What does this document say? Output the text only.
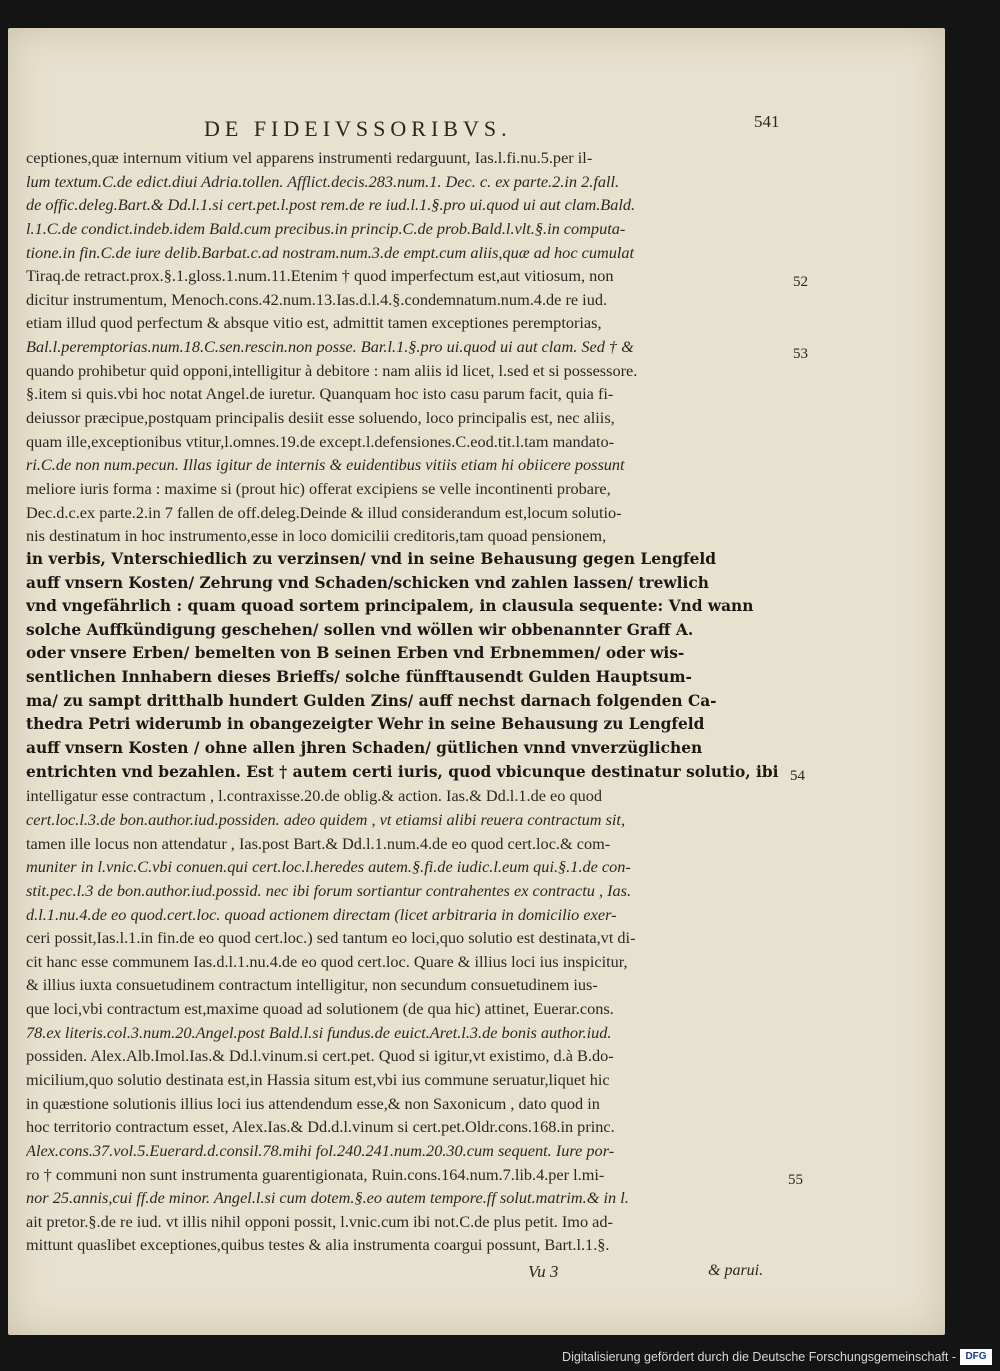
DE FIDEIVSSORIBVS.	541
ceptiones,quæ internum vitium vel apparens instrumenti redarguunt, Ias.l.fi.nu.5.per il-
lum textum.C.de edict.diui Adria.tollen. Afflict.decis.283.num.1. Dec. c. ex parte.2.in 2.fall.
de offic.deleg.Bart.& Dd.l.1.si cert.pet.l.post rem.de re iud.l.1.§.pro ui.quod ui aut clam.Bald.
l.1.C.de condict.indeb.idem Bald.cum precibus.in princip.C.de prob.Bald.l.vlt.§.in computa-
tione.in fin.C.de iure delib.Barbat.c.ad nostram.num.3.de empt.cum aliis,quæ ad hoc cumulat
Tiraq.de retract.prox.§.1.gloss.1.num.11.Etenim † quod imperfectum est,aut vitiosum, non
dicitur instrumentum, Menoch.cons.42.num.13.Ias.d.l.4.§.condemnatum.num.4.de re iud.
etiam illud quod perfectum & absque vitio est, admittit tamen exceptiones peremptorias,
Bal.l.peremptorias.num.18.C.sen.rescin.non posse. Bar.l.1.§.pro ui.quod ui aut clam. Sed † &
quando prohibetur quid opponi,intelligitur à debitore : nam aliis id licet, l.sed et si possessore.
§.item si quis.vbi hoc notat Angel.de iuretur. Quanquam hoc isto casu parum facit, quia fi-
deiussor præcipue,postquam principalis desiit esse soluendo, loco principalis est, nec aliis,
quam ille,exceptionibus vtitur,l.omnes.19.de except.l.defensiones.C.eod.tit.l.tam mandato-
ri.C.de non num.pecun. Illas igitur de internis & euidentibus vitiis etiam hi obiicere possunt
meliore iuris forma : maxime si (prout hic) offerat excipiens se velle incontinenti probare,
Dec.d.c.ex parte.2.in 7 fallen de off.deleg.Deinde & illud considerandum est,locum solutio-
nis destinatum in hoc instrumento,esse in loco domicilii creditoris,tam quoad pensionem,
in verbis, Vnterschiedlich zu verzinsen/ vnd in seine Behausung gegen Lengfeld
auff vnsern Kosten/ Zehrung vnd Schaden/schicken vnd zahlen lassen/ trewlich
vnd vngefährlich : quam quoad sortem principalem, in clausula sequente: Vnd wann
solche Auffkündigung geschehen/ sollen vnd wöllen wir obbenannter Graff A.
oder vnsere Erben/ bemelten von B seinen Erben vnd Erbnemmen/ oder wis-
sentlichen Innhabern dieses Brieffs/ solche fünfftausendt Gulden Hauptsum-
ma/ zu sampt dritthalb hundert Gulden Zins/ auff nechst darnach folgenden Ca-
thedra Petri widerumb in obangezeigter Wehr in seine Behausung zu Lengfeld
auff vnsern Kosten / ohne allen jhren Schaden/ gütlichen vnnd vnverzüglichen
entrichten vnd bezahlen. Est † autem certi iuris, quod vbicunque destinatur solutio, ibi
intelligatur esse contractum , l.contraxisse.20.de oblig.& action. Ias.& Dd.l.1.de eo quod
cert.loc.l.3.de bon.author.iud.possiden. adeo quidem , vt etiamsi alibi reuera contractum sit,
tamen ille locus non attendatur , Ias.post Bart.& Dd.l.1.num.4.de eo quod cert.loc.& com-
muniter in l.vnic.C.vbi conuen.qui cert.loc.l.heredes autem.§.fi.de iudic.l.eum qui.§.1.de con-
stit.pec.l.3 de bon.author.iud.possid. nec ibi forum sortiantur contrahentes ex contractu , Ias.
d.l.1.nu.4.de eo quod.cert.loc. quoad actionem directam (licet arbitraria in domicilio exer-
ceri possit,Ias.l.1.in fin.de eo quod cert.loc.) sed tantum eo loci,quo solutio est destinata,vt di-
cit hanc esse communem Ias.d.l.1.nu.4.de eo quod cert.loc. Quare & illius loci ius inspicitur,
& illius iuxta consuetudinem contractum intelligitur, non secundum consuetudinem ius-
que loci,vbi contractum est,maxime quoad ad solutionem (de qua hic) attinet, Euerar.cons.
78.ex literis.col.3.num.20.Angel.post Bald.l.si fundus.de euict.Aret.l.3.de bonis author.iud.
possiden. Alex.Alb.Imol.Ias.& Dd.l.vinum.si cert.pet. Quod si igitur,vt existimo, d.à B.do-
micilium,quo solutio destinata est,in Hassia situm est,vbi ius commune seruatur,liquet hic
in quæstione solutionis illius loci ius attendendum esse,& non Saxonicum , dato quod in
hoc territorio contractum esset, Alex.Ias.& Dd.d.l.vinum si cert.pet.Oldr.cons.168.in princ.
Alex.cons.37.vol.5.Euerard.d.consil.78.mihi fol.240.241.num.20.30.cum sequent. Iure por-
ro † communi non sunt instrumenta guarentigionata, Ruin.cons.164.num.7.lib.4.per l.mi-
nor 25.annis,cui ff.de minor. Angel.l.si cum dotem.§.eo autem tempore.ff solut.matrim.& in l.
ait pretor.§.de re iud. vt illis nihil opponi possit, l.vnic.cum ibi not.C.de plus petit. Imo ad-
mittunt quaslibet exceptiones,quibus testes & alia instrumenta coargui possunt, Bart.l.1.§.
52
53
54
55
Vu 3	& parui.
Digitalisierung gefördert durch die Deutsche Forschungsgemeinschaft - DFG
